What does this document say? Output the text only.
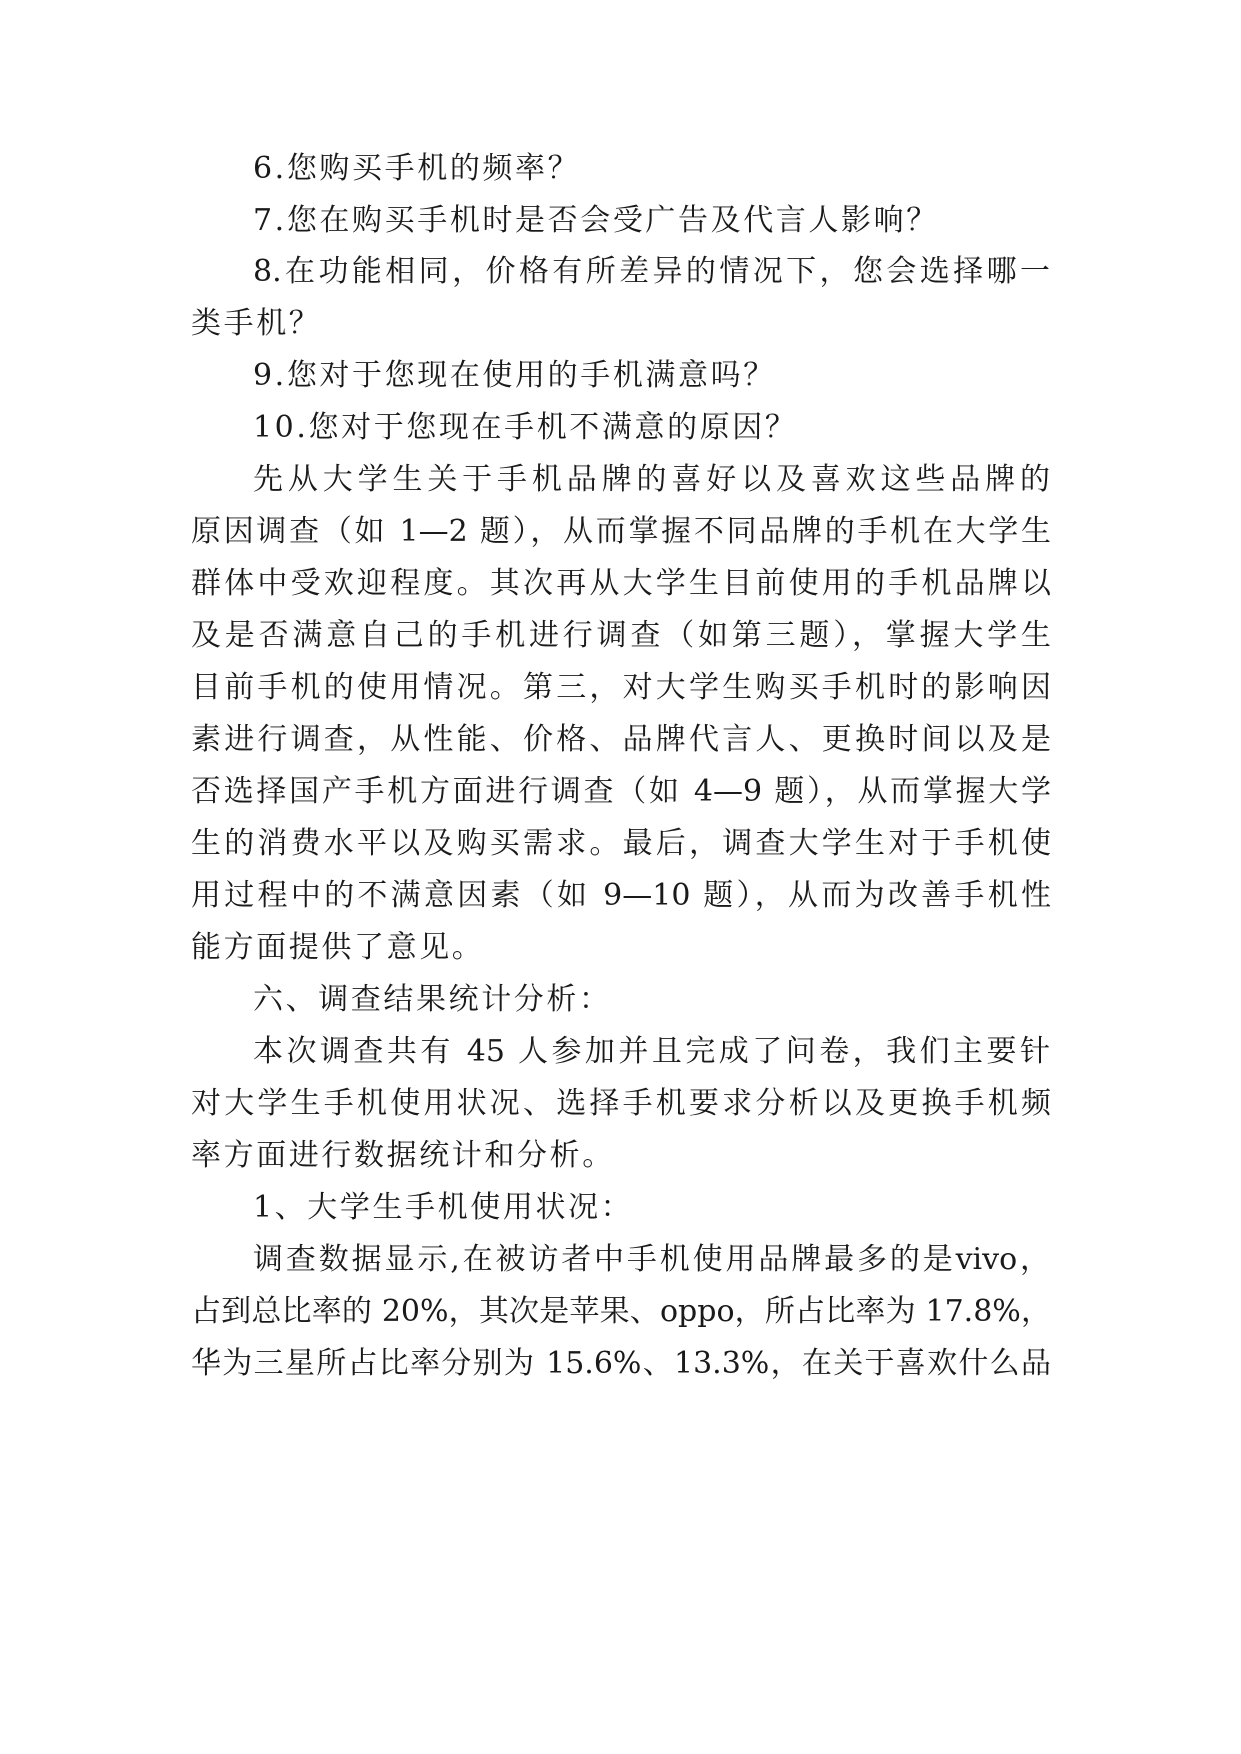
6.您购买手机的频率？

7.您在购买手机时是否会受广告及代言人影响？

8.在功能相同，价格有所差异的情况下，您会选择哪一

类手机？

9.您对于您现在使用的手机满意吗？

10.您对于您现在手机不满意的原因？

先从大学生关于手机品牌的喜好以及喜欢这些品牌的

原因调查（如 1—2 题），从而掌握不同品牌的手机在大学生

群体中受欢迎程度。其次再从大学生目前使用的手机品牌以

及是否满意自己的手机进行调查（如第三题），掌握大学生

目前手机的使用情况。第三，对大学生购买手机时的影响因

素进行调查，从性能、价格、品牌代言人、更换时间以及是

否选择国产手机方面进行调查（如 4—9 题），从而掌握大学

生的消费水平以及购买需求。最后，调查大学生对于手机使

用过程中的不满意因素（如 9—10 题），从而为改善手机性

能方面提供了意见。

六、调查结果统计分析：

本次调查共有 45 人参加并且完成了问卷，我们主要针

对大学生手机使用状况、选择手机要求分析以及更换手机频

率方面进行数据统计和分析。

1、大学生手机使用状况：

调查数据显示,在被访者中手机使用品牌最多的是vivo，

占到总比率的 20%，其次是苹果、oppo，所占比率为 17.8%，

华为三星所占比率分别为 15.6%、13.3%，在关于喜欢什么品
